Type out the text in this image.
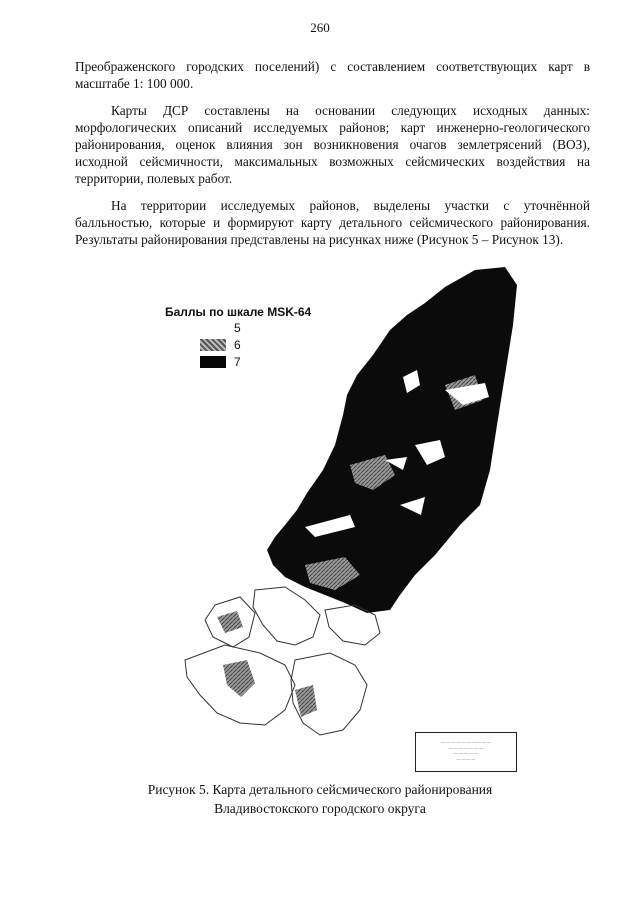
260

Преображенского городских поселений) с составлением соответствующих карт в масштабе 1: 100 000.

Карты ДСР составлены на основании следующих исходных данных: морфологических описаний исследуемых районов; карт инженерно-геологического районирования, оценок влияния зон возникновения очагов землетрясений (ВОЗ), исходной сейсмичности, максимальных возможных сейсмических воздействия на территории, полевых работ.

На территории исследуемых районов, выделены участки с уточнённой балльностью, которые и формируют карту детального сейсмического районирования. Результаты районирования представлены на рисунках ниже (Рисунок 5 – Рисунок 13).

Баллы по шкале MSK-64
5
6
7
— — — — — — — — — —
— — — — — — —
— — — — —
— — — —
Рисунок 5. Карта детального сейсмического районирования
Владивостокского городского округа
